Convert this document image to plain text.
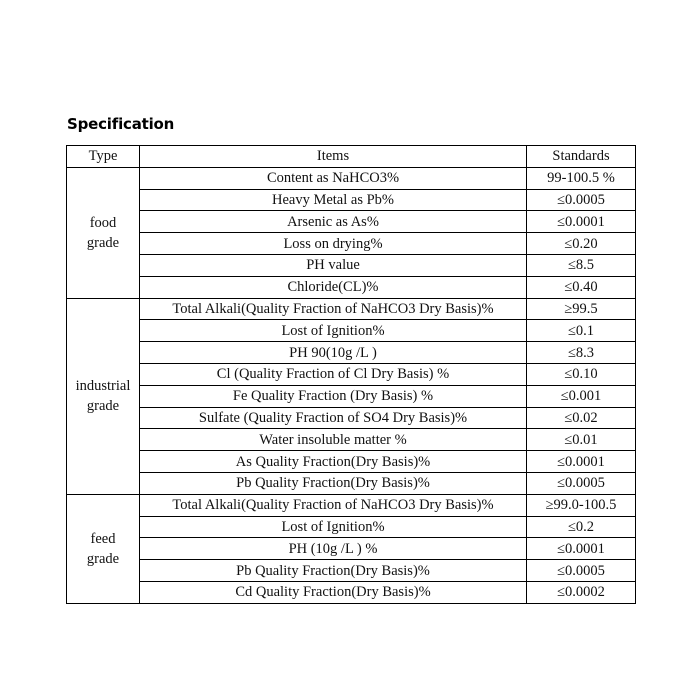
Specification
Type	Items	Standards
food
grade	Content as NaHCO3%	99-100.5 %
	Heavy Metal as Pb%	≤0.0005
	Arsenic as As%	≤0.0001
	Loss on drying%	≤0.20
	PH value	≤8.5
	Chloride(CL)%	≤0.40
industrial
grade	Total Alkali(Quality Fraction of NaHCO3 Dry Basis)%	≥99.5
	Lost of Ignition%	≤0.1
	PH 90(10g /L )	≤8.3
	Cl (Quality Fraction of Cl Dry Basis) %	≤0.10
	Fe Quality Fraction (Dry Basis) %	≤0.001
	Sulfate (Quality Fraction of SO4 Dry Basis)%	≤0.02
	Water insoluble matter %	≤0.01
	As Quality Fraction(Dry Basis)%	≤0.0001
	Pb Quality Fraction(Dry Basis)%	≤0.0005
feed
grade	Total Alkali(Quality Fraction of NaHCO3 Dry Basis)%	≥99.0-100.5
	Lost of Ignition%	≤0.2
	PH (10g /L ) %	≤0.0001
	Pb Quality Fraction(Dry Basis)%	≤0.0005
	Cd Quality Fraction(Dry Basis)%	≤0.0002
